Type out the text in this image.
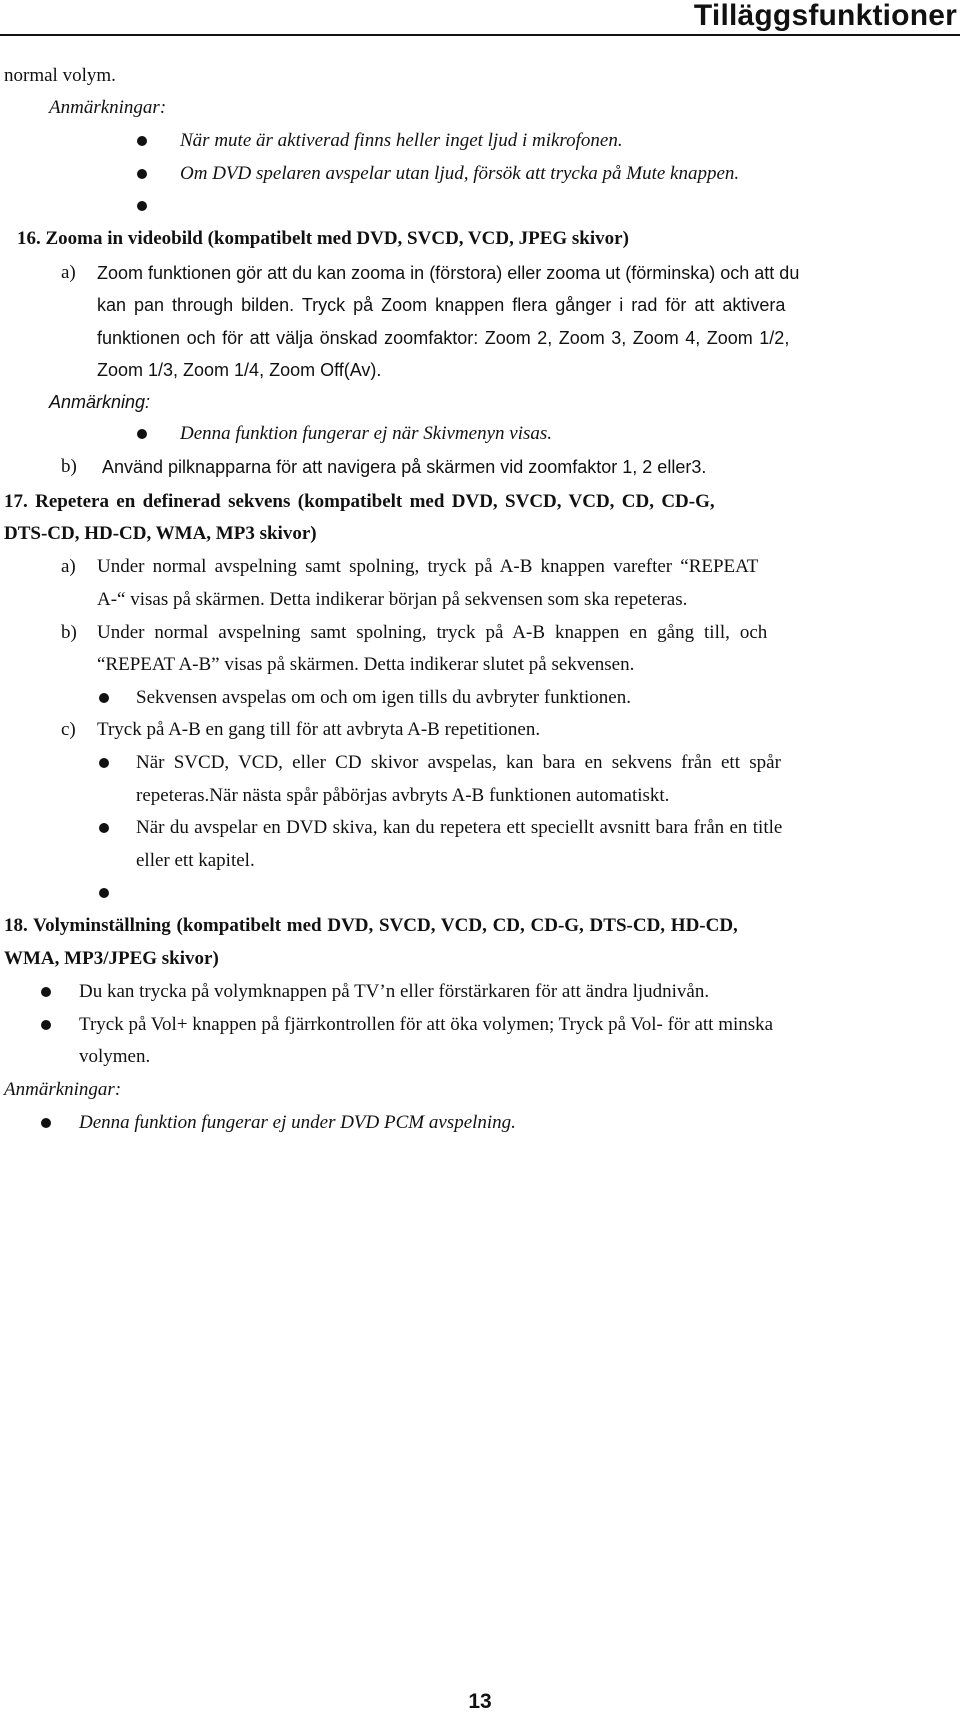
Tilläggsfunktioner
normal volym.
Anmärkningar:
När mute är aktiverad finns heller inget ljud i mikrofonen.
Om DVD spelaren avspelar utan ljud, försök att trycka på Mute knappen.
16. Zooma in videobild (kompatibelt med DVD, SVCD, VCD, JPEG skivor)
a) Zoom funktionen gör att du kan zooma in (förstora) eller zooma ut (förminska) och att du
kan pan through bilden. Tryck på Zoom knappen flera gånger i rad för att aktivera
funktionen och för att välja önskad zoomfaktor: Zoom 2, Zoom 3, Zoom 4, Zoom 1/2,
Zoom 1/3, Zoom 1/4, Zoom Off(Av).
Anmärkning:
Denna funktion fungerar ej när Skivmenyn visas.
b) Använd pilknapparna för att navigera på skärmen vid zoomfaktor 1, 2 eller3.
17. Repetera en definerad sekvens (kompatibelt med DVD, SVCD, VCD, CD, CD-G,
DTS-CD, HD-CD, WMA, MP3 skivor)
a) Under normal avspelning samt spolning, tryck på A-B knappen varefter “REPEAT
A-“ visas på skärmen. Detta indikerar början på sekvensen som ska repeteras.
b) Under normal avspelning samt spolning, tryck på A-B knappen en gång till, och
“REPEAT A-B” visas på skärmen. Detta indikerar slutet på sekvensen.
Sekvensen avspelas om och om igen tills du avbryter funktionen.
c) Tryck på A-B en gang till för att avbryta A-B repetitionen.
När SVCD, VCD, eller CD skivor avspelas, kan bara en sekvens från ett spår
repeteras.När nästa spår påbörjas avbryts A-B funktionen automatiskt.
När du avspelar en DVD skiva, kan du repetera ett speciellt avsnitt bara från en title
eller ett kapitel.
18. Volyminställning (kompatibelt med DVD, SVCD, VCD, CD, CD-G, DTS-CD, HD-CD,
WMA, MP3/JPEG skivor)
Du kan trycka på volymknappen på TV’n eller förstärkaren för att ändra ljudnivån.
Tryck på Vol+ knappen på fjärrkontrollen för att öka volymen; Tryck på Vol- för att minska
volymen.
Anmärkningar:
Denna funktion fungerar ej under DVD PCM avspelning.
13
